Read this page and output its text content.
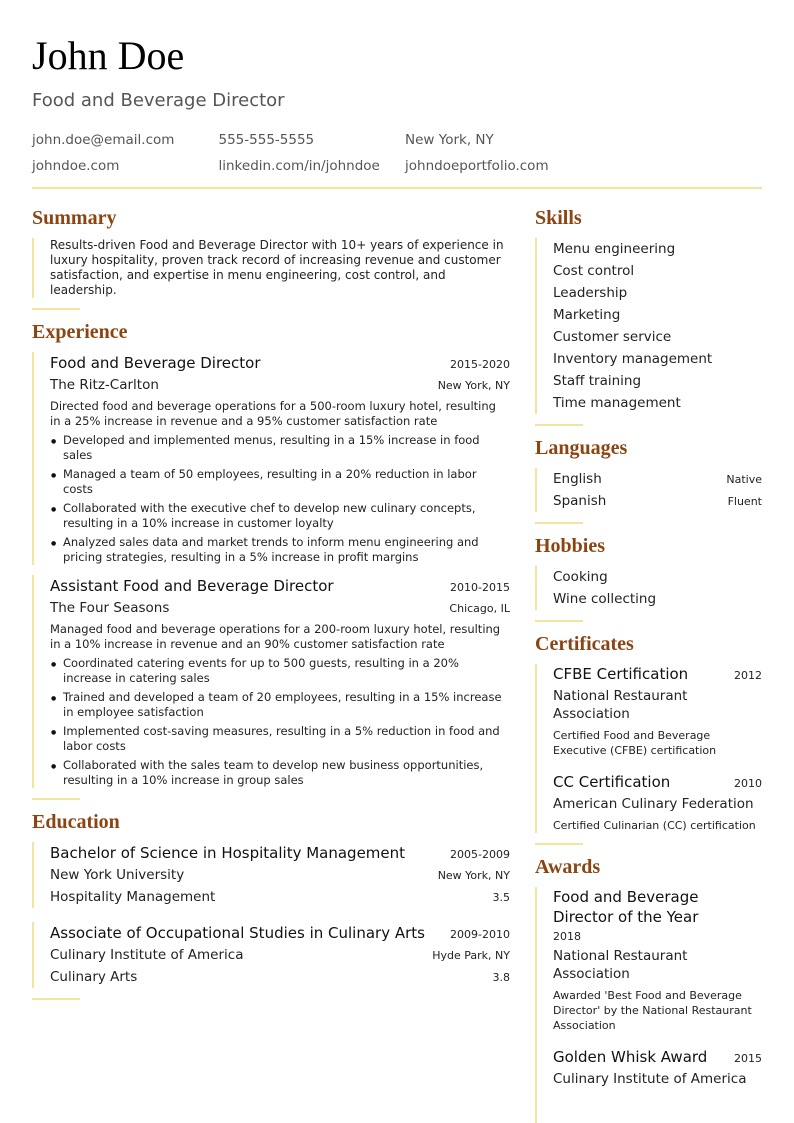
John Doe
Food and Beverage Director
john.doe@email.com	555-555-5555	New York, NY
johndoe.com	linkedin.com/in/johndoe	johndoeportfolio.com
Summary

Results-driven Food and Beverage Director with 10+ years of experience in luxury hospitality, proven track record of increasing revenue and customer satisfaction, and expertise in menu engineering, cost control, and leadership.

Experience
Food and Beverage Director	2015-2020
The Ritz-Carlton	New York, NY

Directed food and beverage operations for a 500-room luxury hotel, resulting in a 25% increase in revenue and a 95% customer satisfaction rate

● Developed and implemented menus, resulting in a 15% increase in food sales
● Managed a team of 50 employees, resulting in a 20% reduction in labor costs
● Collaborated with the executive chef to develop new culinary concepts, resulting in a 10% increase in customer loyalty
● Analyzed sales data and market trends to inform menu engineering and pricing strategies, resulting in a 5% increase in profit margins
Assistant Food and Beverage Director	2010-2015
The Four Seasons	Chicago, IL

Managed food and beverage operations for a 200-room luxury hotel, resulting in a 10% increase in revenue and an 90% customer satisfaction rate

● Coordinated catering events for up to 500 guests, resulting in a 20% increase in catering sales
● Trained and developed a team of 20 employees, resulting in a 15% increase in employee satisfaction
● Implemented cost-saving measures, resulting in a 5% reduction in food and labor costs
● Collaborated with the sales team to develop new business opportunities, resulting in a 10% increase in group sales
Education
Bachelor of Science in Hospitality Management	2005-2009
New York University	New York, NY
Hospitality Management	3.5
Associate of Occupational Studies in Culinary Arts 2009-2010
Culinary Institute of America	Hyde Park, NY
Culinary Arts	3.8
Skills
Menu engineering
Cost control
Leadership
Marketing
Customer service
Inventory management
Staff training
Time management
Languages
English	Native
Spanish	Fluent
Hobbies
Cooking
Wine collecting
Certificates
CFBE Certification	2012
National Restaurant Association
Certified Food and Beverage Executive (CFBE) certification
CC Certification	2010
American Culinary Federation
Certified Culinarian (CC) certification
Awards
Food and Beverage Director of the Year
2018
National Restaurant Association
Awarded 'Best Food and Beverage Director' by the National Restaurant Association
Golden Whisk Award 2015
Culinary Institute of America
